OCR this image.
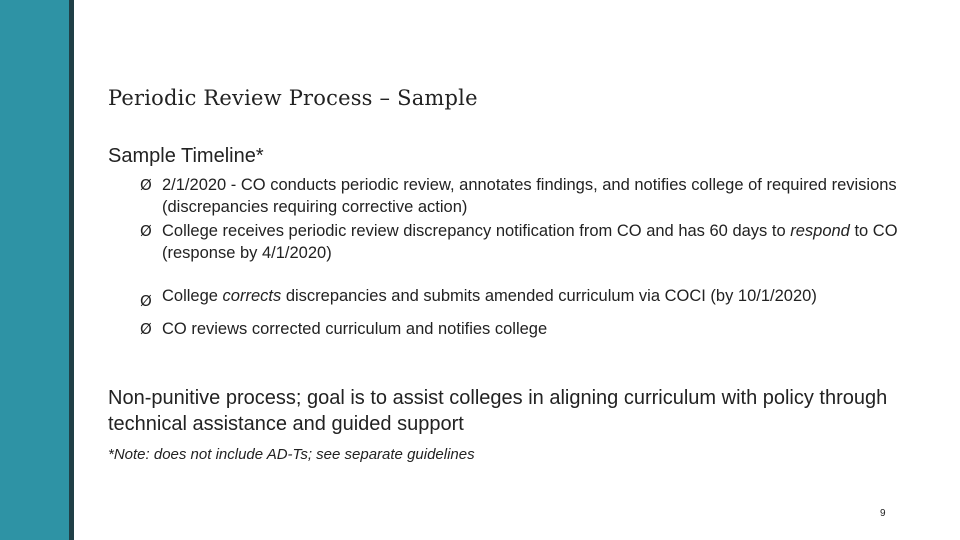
Periodic Review Process – Sample
Sample Timeline*
Ø 2/1/2020 - CO conducts periodic review, annotates findings, and notifies college of required revisions (discrepancies requiring corrective action)
Ø College receives periodic review discrepancy notification from CO and has 60 days to respond to CO (response by 4/1/2020)
Ø College corrects discrepancies and submits amended curriculum via COCI (by 10/1/2020)
Ø CO reviews corrected curriculum and notifies college
Non-punitive process; goal is to assist colleges in aligning curriculum with policy through technical assistance and guided support
*Note: does not include AD-Ts; see separate guidelines
9
